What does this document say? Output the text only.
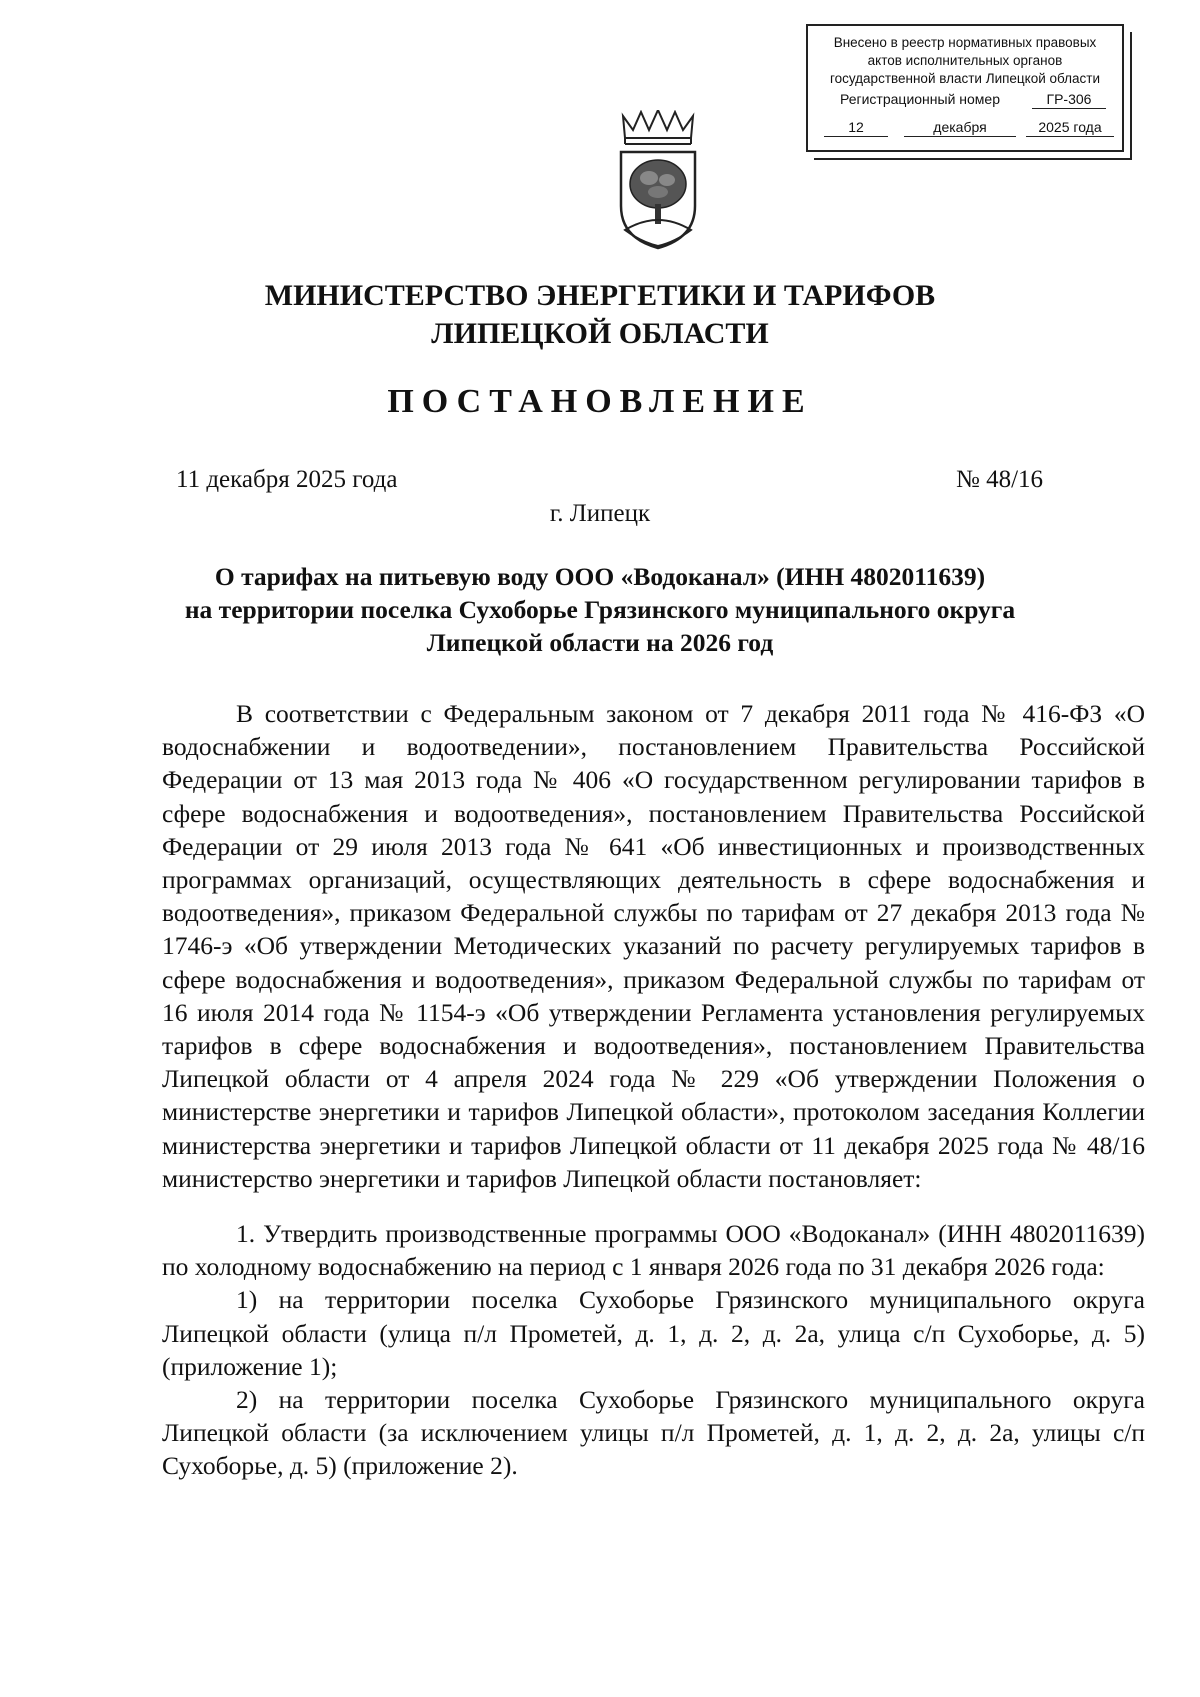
Внесено в реестр нормативных правовых
актов исполнительных органов
государственной власти Липецкой области
Регистрационный номер	ГР-306
12	декабря	2025 года
МИНИСТЕРСТВО ЭНЕРГЕТИКИ И ТАРИФОВ
ЛИПЕЦКОЙ ОБЛАСТИ
ПОСТАНОВЛЕНИЕ
11 декабря 2025 года	№ 48/16
г. Липецк
О тарифах на питьевую воду ООО «Водоканал» (ИНН 4802011639)
на территории поселка Сухоборье Грязинского муниципального округа
Липецкой области на 2026 год

В соответствии с Федеральным законом от 7 декабря 2011 года № 416-ФЗ «О водоснабжении и водоотведении», постановлением Правительства Российской Федерации от 13 мая 2013 года № 406 «О государственном регулировании тарифов в сфере водоснабжения и водоотведения», постановлением Правительства Российской Федерации от 29 июля 2013 года № 641 «Об инвестиционных и производственных программах организаций, осуществляющих деятельность в сфере водоснабжения и водоотведения», приказом Федеральной службы по тарифам от 27 декабря 2013 года № 1746-э «Об утверждении Методических указаний по расчету регулируемых тарифов в сфере водоснабжения и водоотведения», приказом Федеральной службы по тарифам от 16 июля 2014 года № 1154-э «Об утверждении Регламента установления регулируемых тарифов в сфере водоснабжения и водоотведения», постановлением Правительства Липецкой области от 4 апреля 2024 года № 229 «Об утверждении Положения о министерстве энергетики и тарифов Липецкой области», протоколом заседания Коллегии министерства энергетики и тарифов Липецкой области от 11 декабря 2025 года № 48/16 министерство энергетики и тарифов Липецкой области постановляет:

1. Утвердить производственные программы ООО «Водоканал» (ИНН 4802011639) по холодному водоснабжению на период с 1 января 2026 года по 31 декабря 2026 года:

1) на территории поселка Сухоборье Грязинского муниципального округа Липецкой области (улица п/л Прометей, д. 1, д. 2, д. 2а, улица с/п Сухоборье, д. 5) (приложение 1);

2) на территории поселка Сухоборье Грязинского муниципального округа Липецкой области (за исключением улицы п/л Прометей, д. 1, д. 2, д. 2а, улицы с/п Сухоборье, д. 5) (приложение 2).
